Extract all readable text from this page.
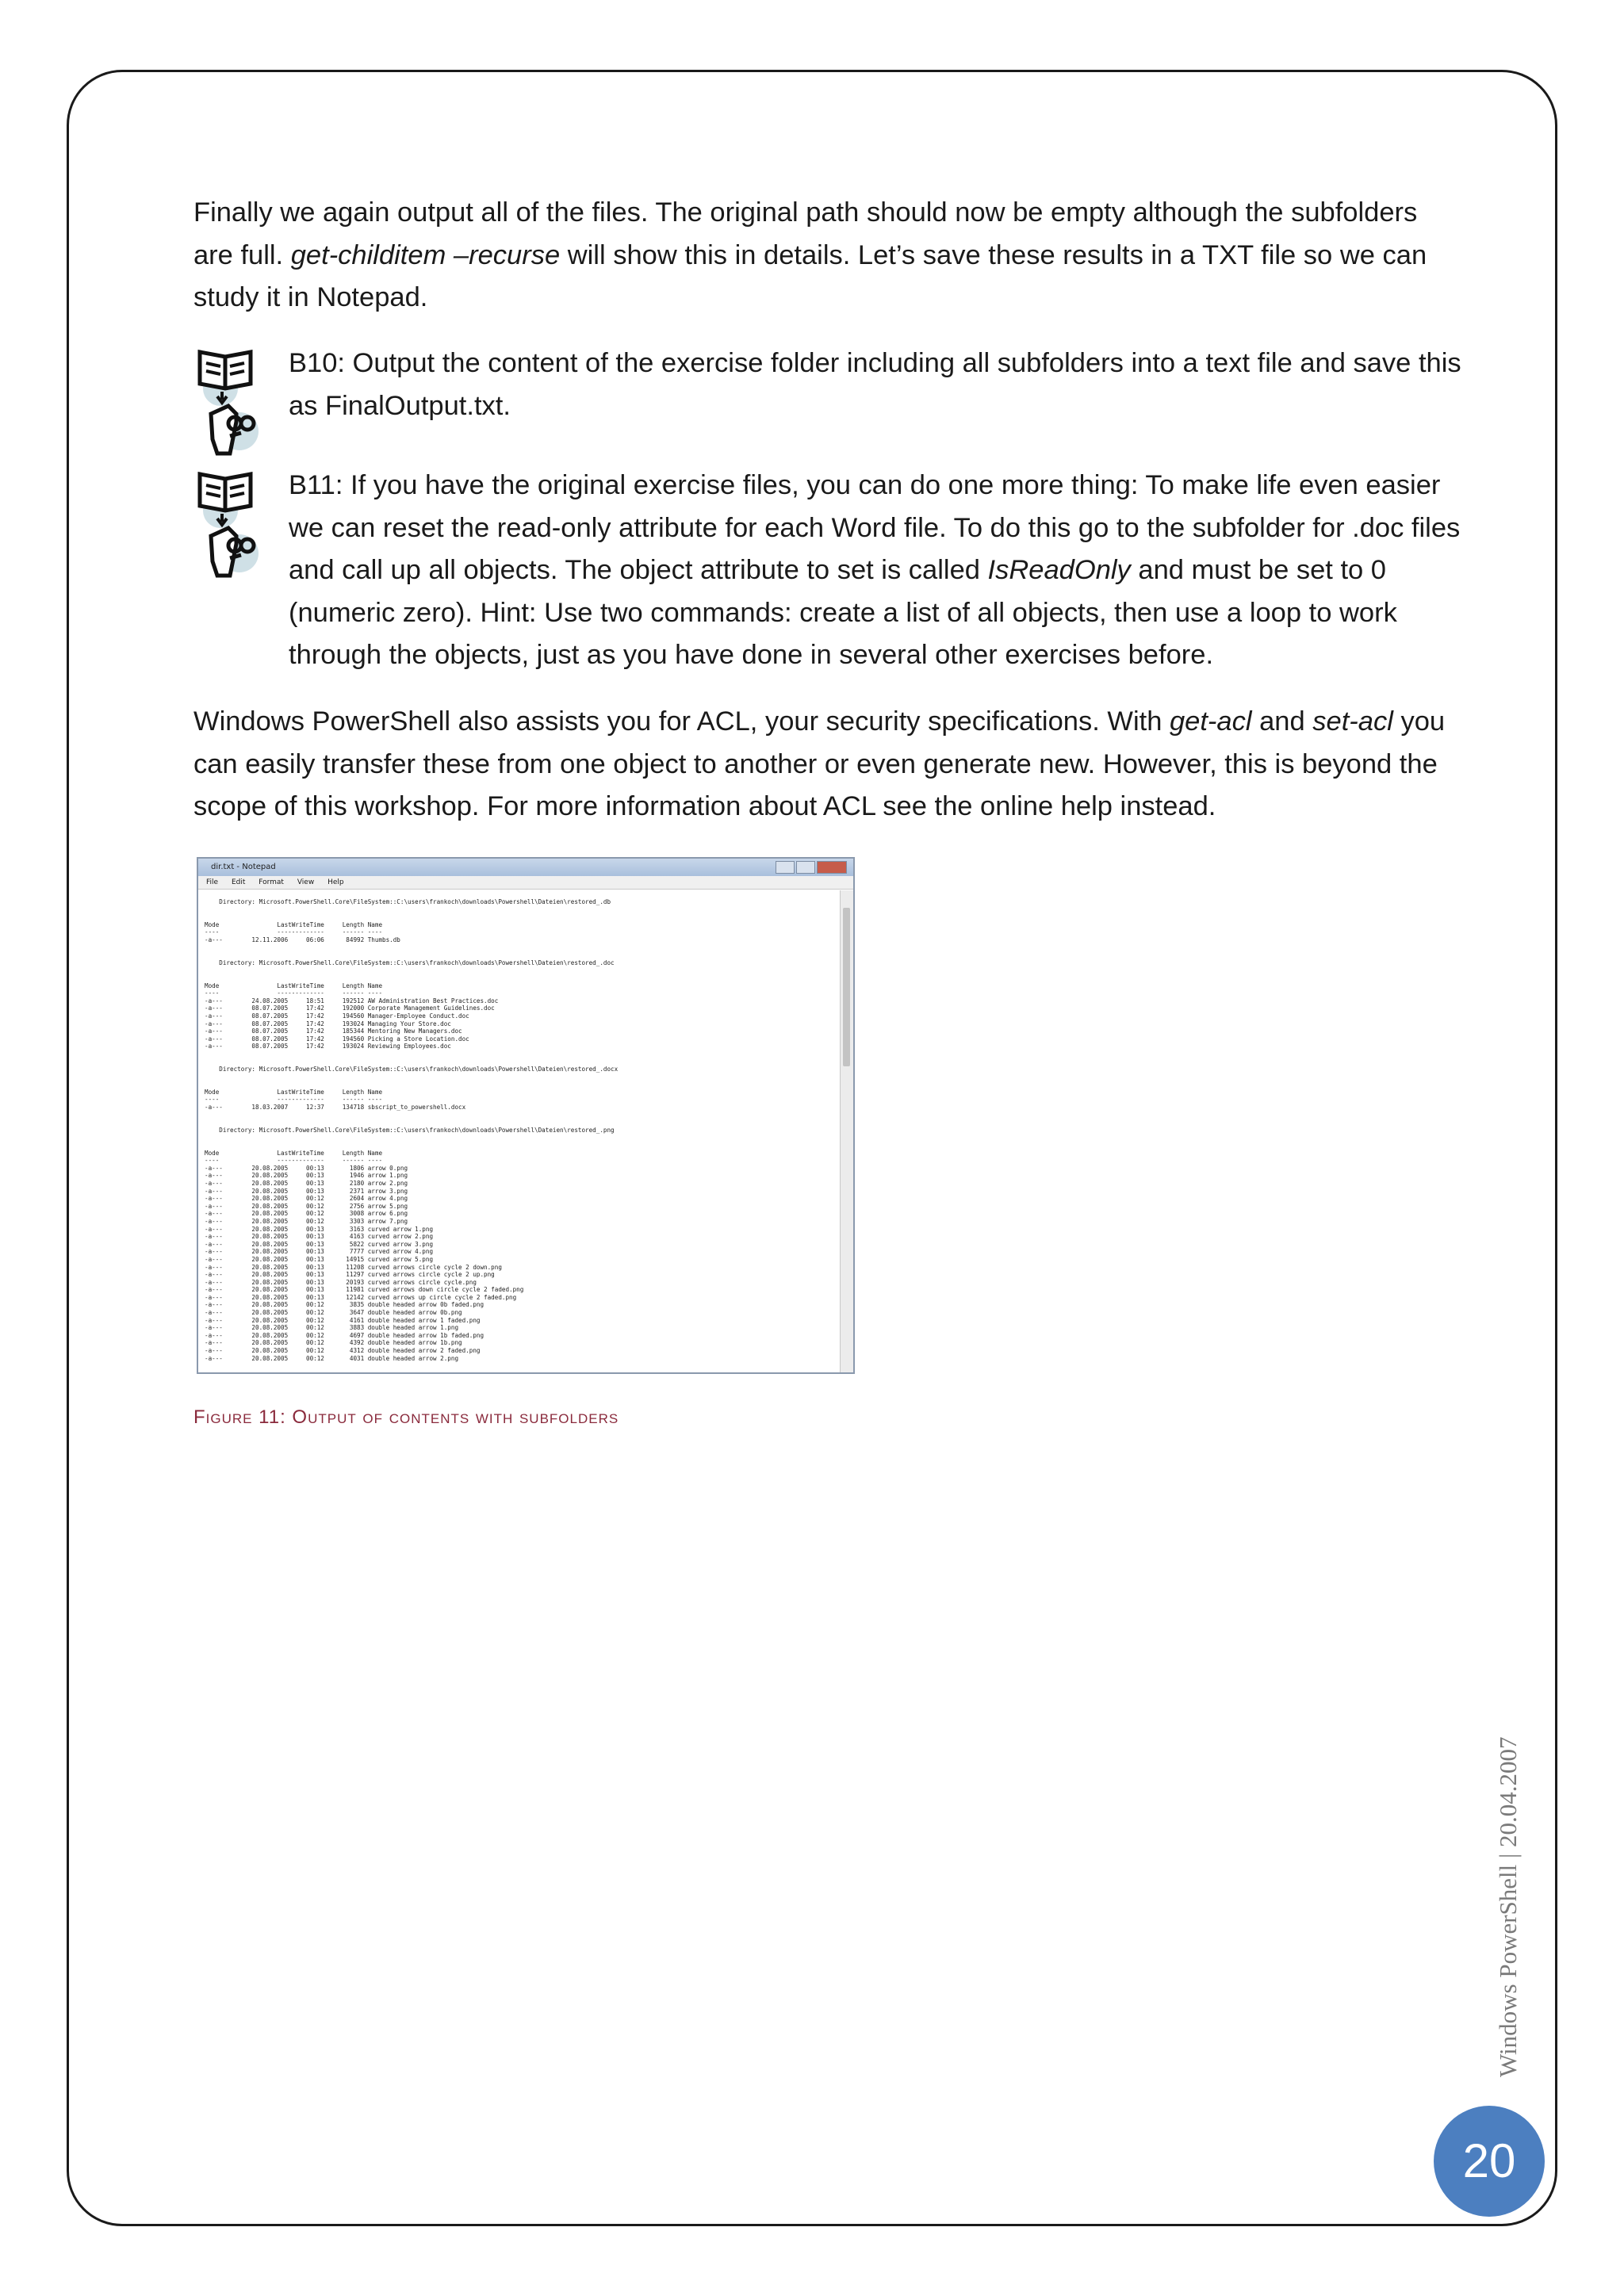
Finally we again output all of the files. The original path should now be empty although the subfolders are full. get-childitem –recurse will show this in details. Let’s save these results in a TXT file so we can study it in Notepad.

B10: Output the content of the exercise folder including all subfolders into a text file and save this as FinalOutput.txt.

B11: If you have the original exercise files, you can do one more thing: To make life even easier we can reset the read-only attribute for each Word file. To do this go to the subfolder for .doc files and call up all objects. The object attribute to set is called IsReadOnly and must be set to 0 (numeric zero). Hint: Use two commands: create a list of all objects, then use a loop to work through the objects, just as you have done in several other exercises before.

Windows PowerShell also assists you for ACL, your security specifications. With get-acl and set-acl you can easily transfer these from one object to another or even generate new. However, this is beyond the scope of this workshop. For more information about ACL see the online help instead.

dir.txt - Notepad
File Edit Format View Help
Directory: Microsoft.PowerShell.Core\FileSystem::C:\users\frankoch\downloads\Powershell\Dateien\restored_.db

Mode                LastWriteTime     Length Name
----                -------------     ------ ----
-a---        12.11.2006     06:06      84992 Thumbs.db

Directory: Microsoft.PowerShell.Core\FileSystem::C:\users\frankoch\downloads\Powershell\Dateien\restored_.doc

Mode                LastWriteTime     Length Name
----                -------------     ------ ----
-a---        24.08.2005     18:51     192512 AW Administration Best Practices.doc
-a---        08.07.2005     17:42     192000 Corporate Management Guidelines.doc
-a---        08.07.2005     17:42     194560 Manager-Employee Conduct.doc
-a---        08.07.2005     17:42     193024 Managing Your Store.doc
-a---        08.07.2005     17:42     185344 Mentoring New Managers.doc
-a---        08.07.2005     17:42     194560 Picking a Store Location.doc
-a---        08.07.2005     17:42     193024 Reviewing Employees.doc

Directory: Microsoft.PowerShell.Core\FileSystem::C:\users\frankoch\downloads\Powershell\Dateien\restored_.docx

Mode                LastWriteTime     Length Name
----                -------------     ------ ----
-a---        18.03.2007     12:37     134718 sbscript_to_powershell.docx

Directory: Microsoft.PowerShell.Core\FileSystem::C:\users\frankoch\downloads\Powershell\Dateien\restored_.png

Mode                LastWriteTime     Length Name
----                -------------     ------ ----
-a---        20.08.2005     00:13       1806 arrow 0.png
-a---        20.08.2005     00:13       1946 arrow 1.png
-a---        20.08.2005     00:13       2180 arrow 2.png
-a---        20.08.2005     00:13       2371 arrow 3.png
-a---        20.08.2005     00:12       2604 arrow 4.png
-a---        20.08.2005     00:12       2756 arrow 5.png
-a---        20.08.2005     00:12       3008 arrow 6.png
-a---        20.08.2005     00:12       3303 arrow 7.png
-a---        20.08.2005     00:13       3163 curved arrow 1.png
-a---        20.08.2005     00:13       4163 curved arrow 2.png
-a---        20.08.2005     00:13       5822 curved arrow 3.png
-a---        20.08.2005     00:13       7777 curved arrow 4.png
-a---        20.08.2005     00:13      14915 curved arrow 5.png
-a---        20.08.2005     00:13      11208 curved arrows circle cycle 2 down.png
-a---        20.08.2005     00:13      11297 curved arrows circle cycle 2 up.png
-a---        20.08.2005     00:13      20193 curved arrows circle cycle.png
-a---        20.08.2005     00:13      11981 curved arrows down circle cycle 2 faded.png
-a---        20.08.2005     00:13      12142 curved arrows up circle cycle 2 faded.png
-a---        20.08.2005     00:12       3835 double headed arrow 0b faded.png
-a---        20.08.2005     00:12       3647 double headed arrow 0b.png
-a---        20.08.2005     00:12       4161 double headed arrow 1 faded.png
-a---        20.08.2005     00:12       3883 double headed arrow 1.png
-a---        20.08.2005     00:12       4697 double headed arrow 1b faded.png
-a---        20.08.2005     00:12       4392 double headed arrow 1b.png
-a---        20.08.2005     00:12       4312 double headed arrow 2 faded.png
-a---        20.08.2005     00:12       4031 double headed arrow 2.png

Figure 11: Output of contents with subfolders

Windows PowerShell | 20.04.2007
20
